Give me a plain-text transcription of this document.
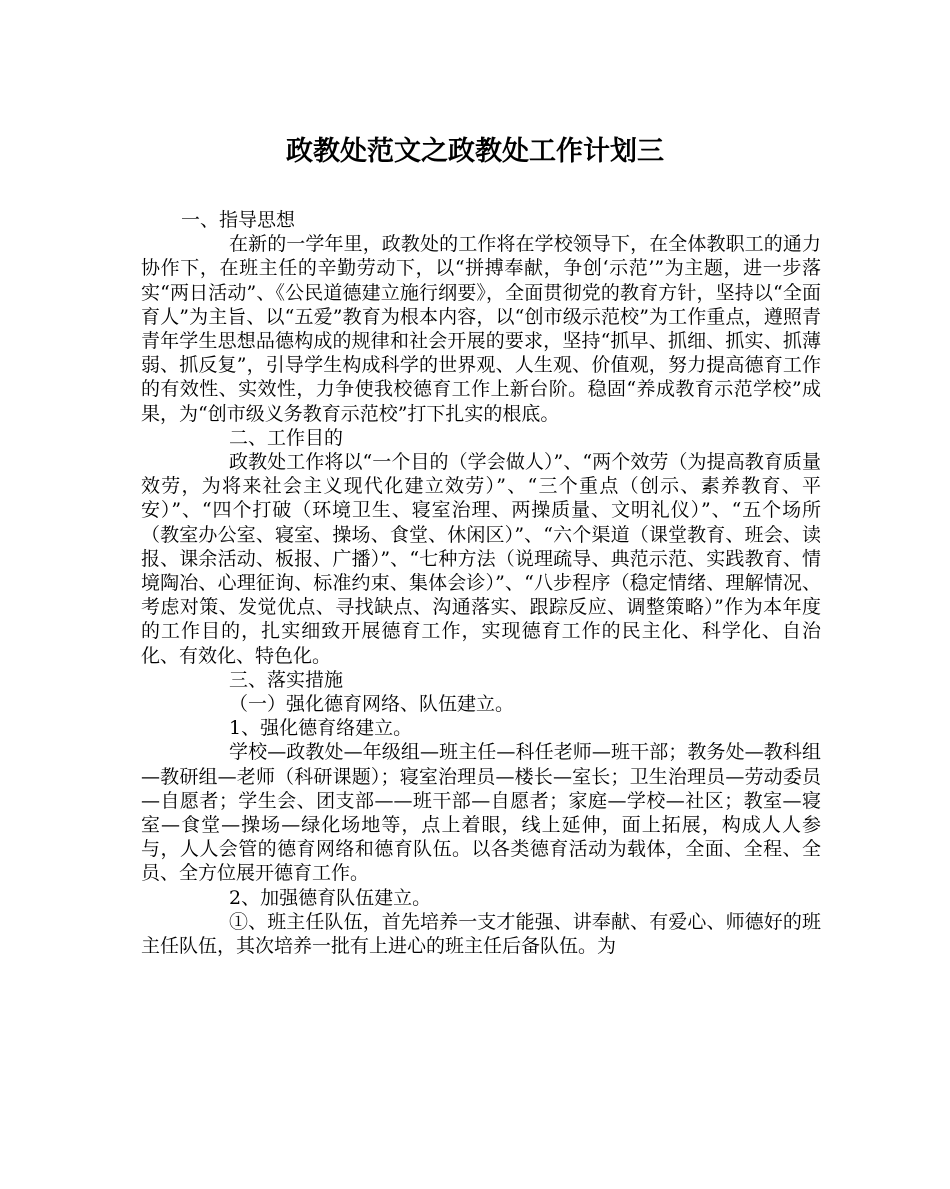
政教处范文之政教处工作计划三

一、指导思想

在新的一学年里，政教处的工作将在学校领导下，在全体教职工的通力协作下，在班主任的辛勤劳动下，以“拼搏奉献，争创‘示范’”为主题，进一步落实“两日活动”、《公民道德建立施行纲要》，全面贯彻党的教育方针，坚持以“全面育人”为主旨、以“五爱”教育为根本内容，以“创市级示范校”为工作重点，遵照青青年学生思想品德构成的规律和社会开展的要求，坚持“抓早、抓细、抓实、抓薄弱、抓反复”，引导学生构成科学的世界观、人生观、价值观，努力提高德育工作的有效性、实效性，力争使我校德育工作上新台阶。稳固“养成教育示范学校”成果，为“创市级义务教育示范校”打下扎实的根底。

二、工作目的

政教处工作将以“一个目的（学会做人）”、“两个效劳（为提高教育质量效劳，为将来社会主义现代化建立效劳）”、“三个重点（创示、素养教育、平安）”、“四个打破（环境卫生、寝室治理、两操质量、文明礼仪）”、“五个场所（教室办公室、寝室、操场、食堂、休闲区）”、“六个渠道（课堂教育、班会、读报、课余活动、板报、广播）”、“七种方法（说理疏导、典范示范、实践教育、情境陶冶、心理征询、标准约束、集体会诊）”、“八步程序（稳定情绪、理解情况、考虑对策、发觉优点、寻找缺点、沟通落实、跟踪反应、调整策略）”作为本年度的工作目的，扎实细致开展德育工作，实现德育工作的民主化、科学化、自治化、有效化、特色化。

三、落实措施

（一）强化德育网络、队伍建立。

1、强化德育络建立。

学校—政教处—年级组—班主任—科任老师—班干部；教务处—教科组—教研组—老师（科研课题）；寝室治理员—楼长—室长；卫生治理员—劳动委员—自愿者；学生会、团支部——班干部—自愿者；家庭—学校—社区；教室—寝室—食堂—操场—绿化场地等，点上着眼，线上延伸，面上拓展，构成人人参与，人人会管的德育网络和德育队伍。以各类德育活动为载体，全面、全程、全员、全方位展开德育工作。

2、加强德育队伍建立。

①、班主任队伍，首先培养一支才能强、讲奉献、有爱心、师德好的班主任队伍，其次培养一批有上进心的班主任后备队伍。为
